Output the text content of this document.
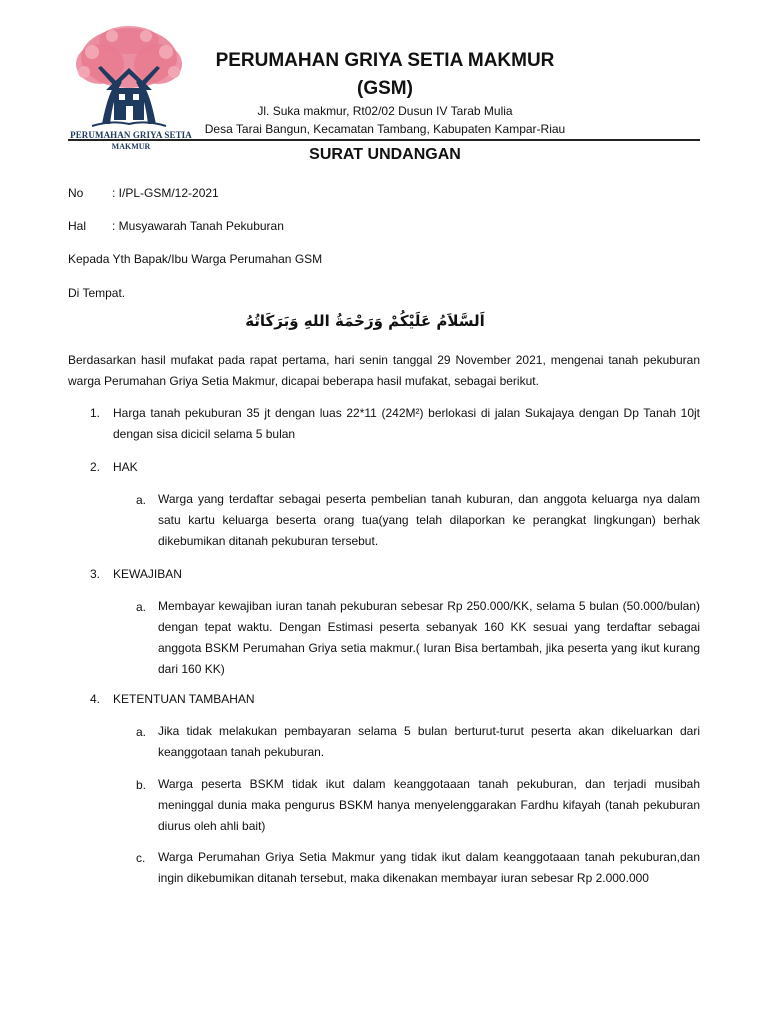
PERUMAHAN GRIYA SETIA
MAKMUR
PERUMAHAN GRIYA SETIA MAKMUR
(GSM)
Jl. Suka makmur, Rt02/02 Dusun IV Tarab Mulia
Desa Tarai Bangun, Kecamatan Tambang, Kabupaten Kampar-Riau
SURAT UNDANGAN
No : I/PL-GSM/12-2021
Hal : Musyawarah Tanah Pekuburan
Kepada Yth Bapak/Ibu Warga Perumahan GSM
Di Tempat.
اَلسَّلاَمُ عَلَيْكُمْ وَرَحْمَةُ اللهِ وَبَرَكَاتُهُ
Berdasarkan hasil mufakat pada rapat pertama, hari senin tanggal 29 November 2021, mengenai tanah pekuburan warga Perumahan Griya Setia Makmur, dicapai beberapa hasil mufakat, sebagai berikut.
1. Harga tanah pekuburan 35 jt dengan luas 22*11 (242M²) berlokasi di jalan Sukajaya dengan Dp Tanah 10jt dengan sisa dicicil selama 5 bulan
2. HAK
a. Warga yang terdaftar sebagai peserta pembelian tanah kuburan, dan anggota keluarga nya dalam satu kartu keluarga beserta orang tua(yang telah dilaporkan ke perangkat lingkungan) berhak dikebumikan ditanah pekuburan tersebut.
3. KEWAJIBAN
a. Membayar kewajiban iuran tanah pekuburan sebesar Rp 250.000/KK, selama 5 bulan (50.000/bulan) dengan tepat waktu. Dengan Estimasi peserta sebanyak 160 KK sesuai yang terdaftar sebagai anggota BSKM Perumahan Griya setia makmur.( Iuran Bisa bertambah, jika peserta yang ikut kurang dari 160 KK)
4. KETENTUAN TAMBAHAN
a. Jika tidak melakukan pembayaran selama 5 bulan berturut-turut peserta akan dikeluarkan dari keanggotaan tanah pekuburan.
b. Warga peserta BSKM tidak ikut dalam keanggotaaan tanah pekuburan, dan terjadi musibah meninggal dunia maka pengurus BSKM hanya menyelenggarakan Fardhu kifayah (tanah pekuburan diurus oleh ahli bait)
c. Warga Perumahan Griya Setia Makmur yang tidak ikut dalam keanggotaaan tanah pekuburan,dan ingin dikebumikan ditanah tersebut, maka dikenakan membayar iuran sebesar Rp 2.000.000
